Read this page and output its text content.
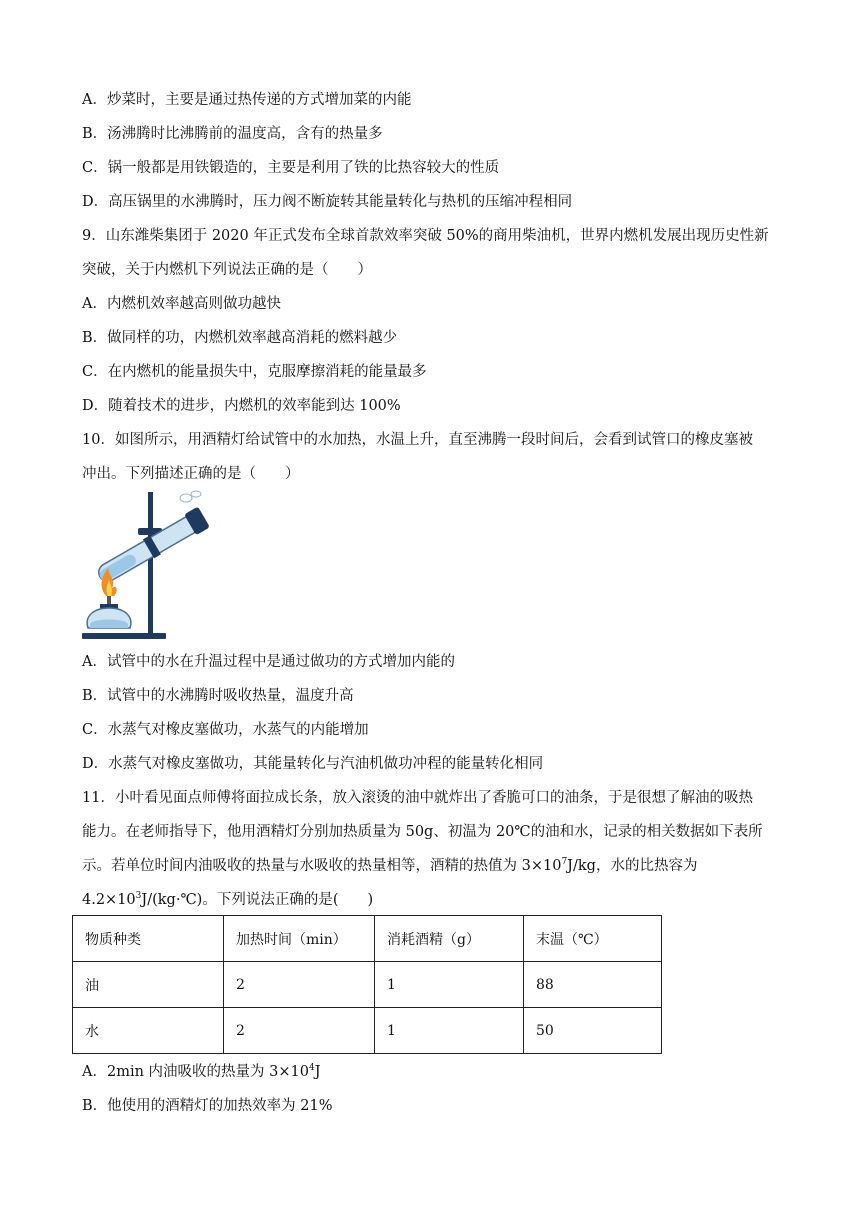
A．炒菜时，主要是通过热传递的方式增加菜的内能
B．汤沸腾时比沸腾前的温度高，含有的热量多
C．锅一般都是用铁锻造的，主要是利用了铁的比热容较大的性质
D．高压锅里的水沸腾时，压力阀不断旋转其能量转化与热机的压缩冲程相同
9．山东潍柴集团于 2020 年正式发布全球首款效率突破 50%的商用柴油机，世界内燃机发展出现历史性新
突破，关于内燃机下列说法正确的是（　　）
A．内燃机效率越高则做功越快
B．做同样的功，内燃机效率越高消耗的燃料越少
C．在内燃机的能量损失中，克服摩擦消耗的能量最多
D．随着技术的进步，内燃机的效率能到达 100%
10．如图所示，用酒精灯给试管中的水加热，水温上升，直至沸腾一段时间后，会看到试管口的橡皮塞被
冲出。下列描述正确的是（　　）
A．试管中的水在升温过程中是通过做功的方式增加内能的
B．试管中的水沸腾时吸收热量，温度升高
C．水蒸气对橡皮塞做功，水蒸气的内能增加
D．水蒸气对橡皮塞做功，其能量转化与汽油机做功冲程的能量转化相同
11．小叶看见面点师傅将面拉成长条，放入滚烫的油中就炸出了香脆可口的油条，于是很想了解油的吸热
能力。在老师指导下，他用酒精灯分别加热质量为 50g、初温为 20℃的油和水，记录的相关数据如下表所
示。若单位时间内油吸收的热量与水吸收的热量相等，酒精的热值为 $3\times 10^7J/kg$，水的比热容为
$4.2\times 10^3J/(kg\cdot℃)$。下列说法正确的是(　　)
物质种类	加热时间（min）	消耗酒精（g）	末温（℃）
油	2	1	88
水	2	1	50
A．2min 内油吸收的热量为 $3\times 10^4J$
B．他使用的酒精灯的加热效率为 21%
